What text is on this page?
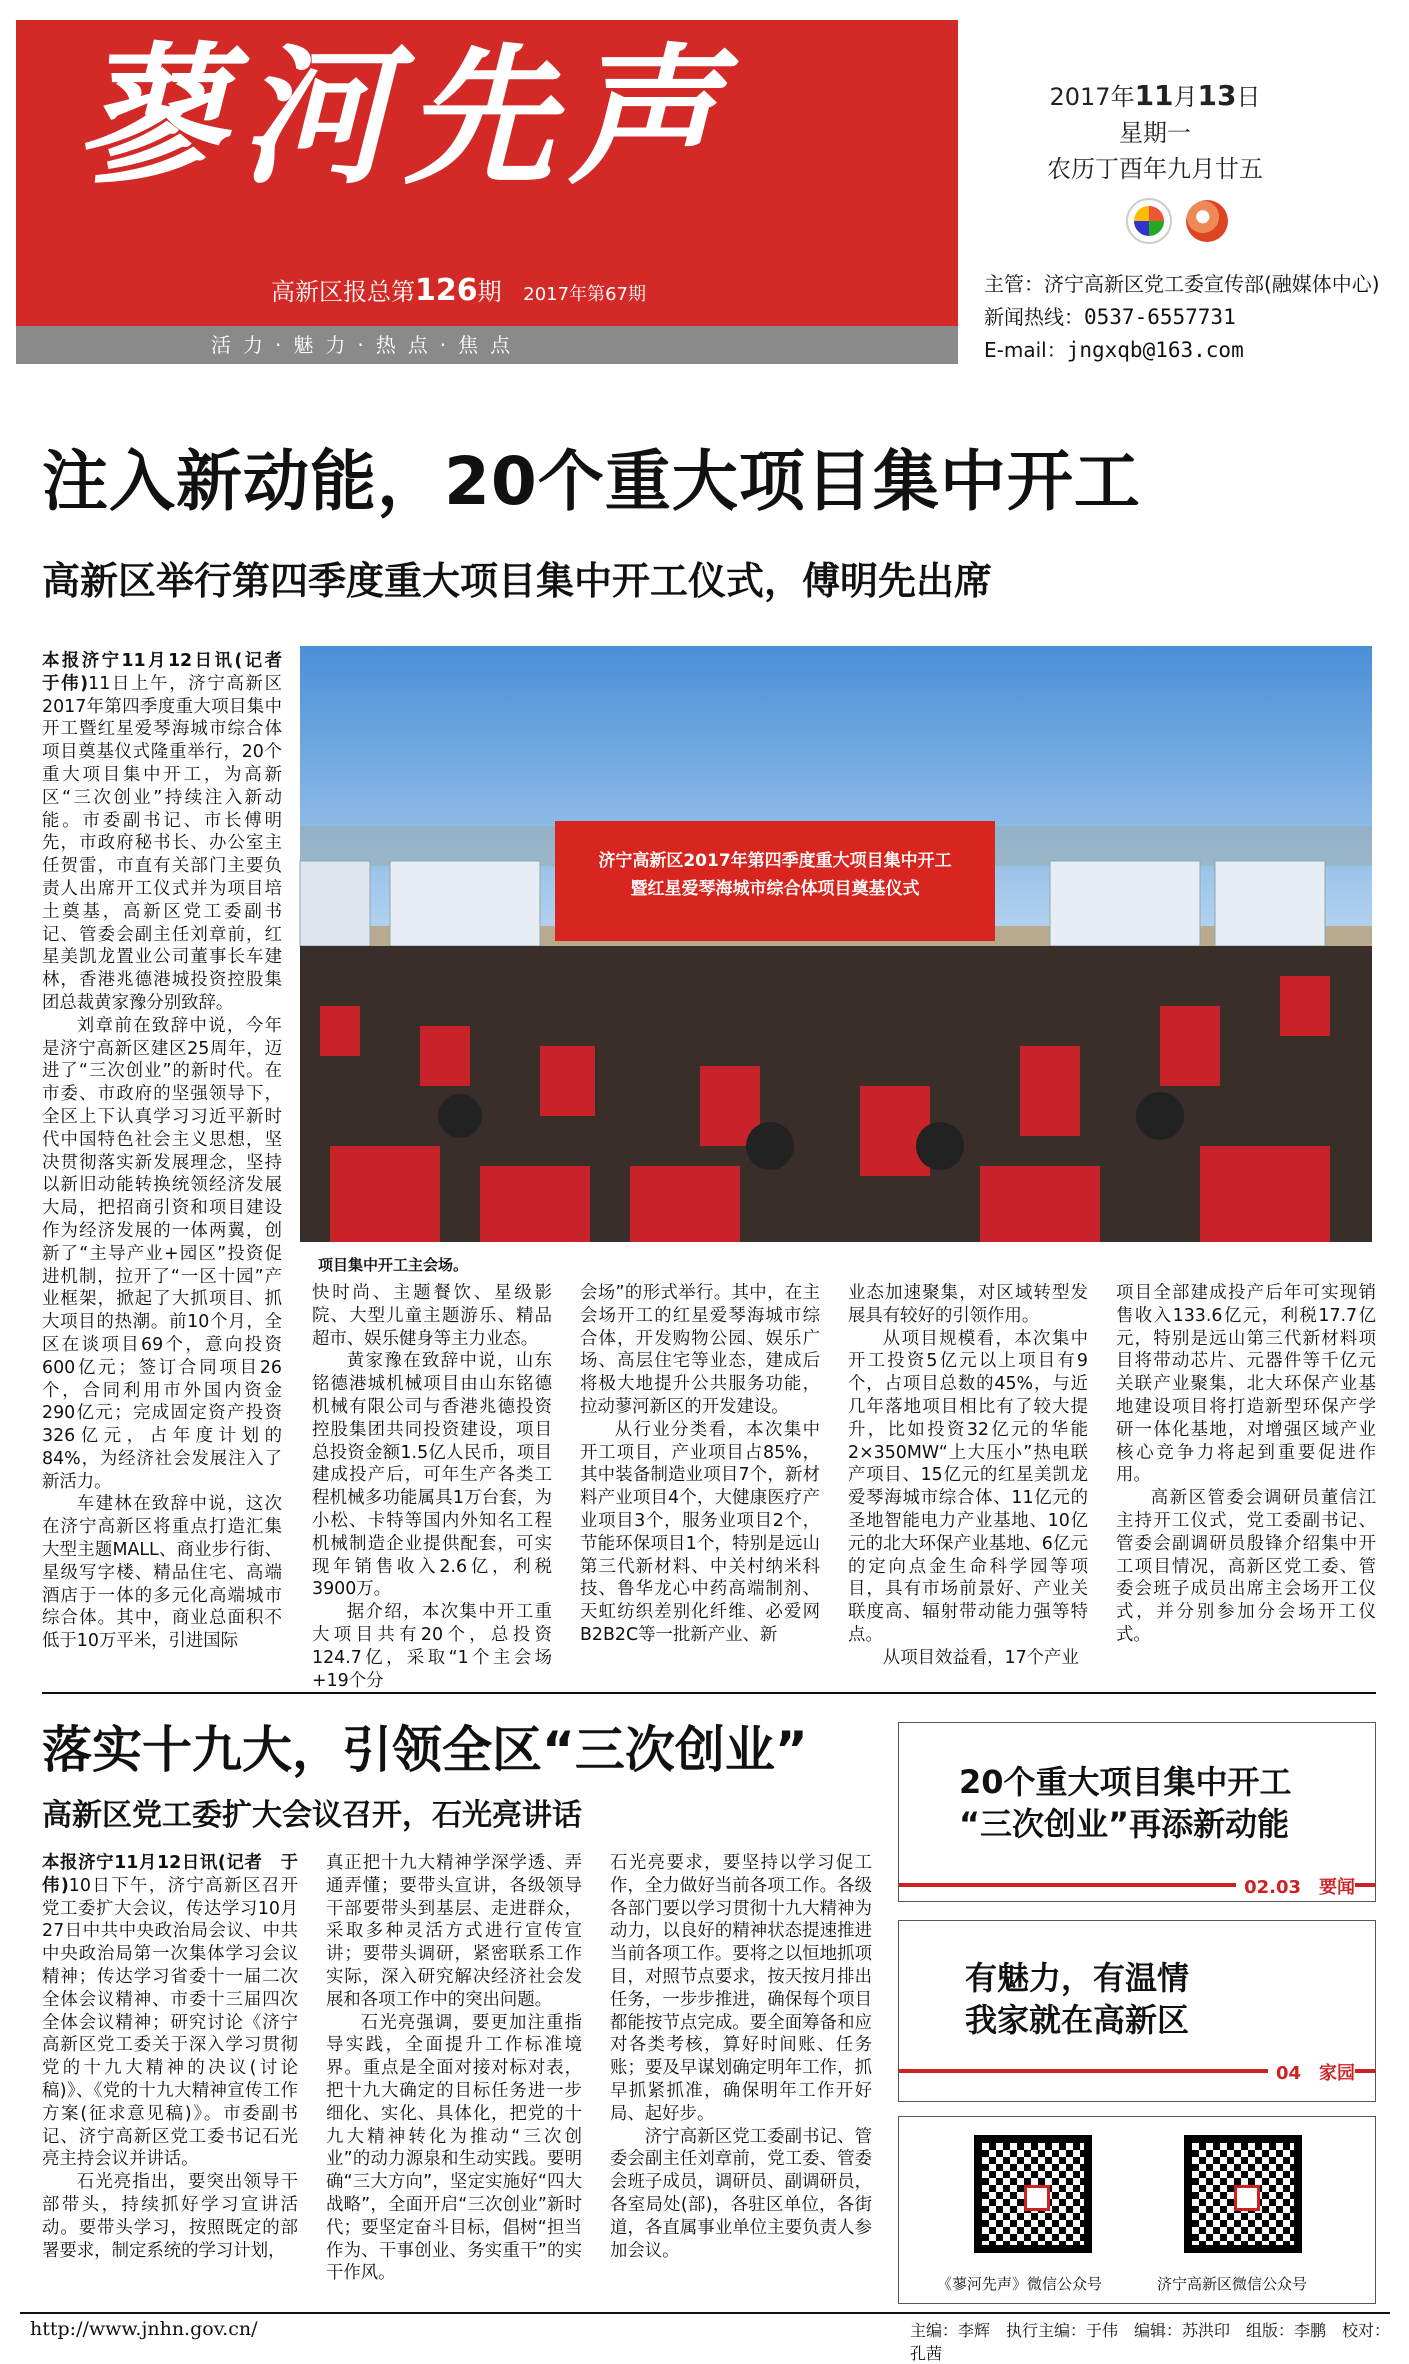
蓼河先声
高新区报总第126期 2017年第67期
活力·魅力·热点·焦点
2017年11月13日
星期一
农历丁酉年九月廿五
主管：济宁高新区党工委宣传部(融媒体中心)
新闻热线：0537-6557731
E-mail：jngxqb@163.com
注入新动能，20个重大项目集中开工
高新区举行第四季度重大项目集中开工仪式，傅明先出席

本报济宁11月12日讯(记者　于伟)11日上午，济宁高新区2017年第四季度重大项目集中开工暨红星爱琴海城市综合体项目奠基仪式隆重举行，20个重大项目集中开工，为高新区“三次创业”持续注入新动能。市委副书记、市长傅明先，市政府秘书长、办公室主任贺雷，市直有关部门主要负责人出席开工仪式并为项目培土奠基，高新区党工委副书记、管委会副主任刘章前，红星美凯龙置业公司董事长车建林，香港兆德港城投资控股集团总裁黄家豫分别致辞。

刘章前在致辞中说，今年是济宁高新区建区25周年，迈进了“三次创业”的新时代。在市委、市政府的坚强领导下，全区上下认真学习习近平新时代中国特色社会主义思想，坚决贯彻落实新发展理念，坚持以新旧动能转换统领经济发展大局，把招商引资和项目建设作为经济发展的一体两翼，创新了“主导产业+园区”投资促进机制，拉开了“一区十园”产业框架，掀起了大抓项目、抓大项目的热潮。前10个月，全区在谈项目69个，意向投资600亿元；签订合同项目26个，合同利用市外国内资金290亿元；完成固定资产投资326亿元，占年度计划的84%，为经济社会发展注入了新活力。

车建林在致辞中说，这次在济宁高新区将重点打造汇集大型主题MALL、商业步行街、星级写字楼、精品住宅、高端酒店于一体的多元化高端城市综合体。其中，商业总面积不低于10万平米，引进国际

济宁高新区2017年第四季度重大项目集中开工
暨红星爱琴海城市综合体项目奠基仪式
项目集中开工主会场。

快时尚、主题餐饮、星级影院、大型儿童主题游乐、精品超市、娱乐健身等主力业态。

黄家豫在致辞中说，山东铭德港城机械项目由山东铭德机械有限公司与香港兆德投资控股集团共同投资建设，项目总投资金额1.5亿人民币，项目建成投产后，可年生产各类工程机械多功能属具1万台套，为小松、卡特等国内外知名工程机械制造企业提供配套，可实现年销售收入2.6亿，利税3900万。

据介绍，本次集中开工重大项目共有20个，总投资124.7亿，采取“1个主会场+19个分

会场”的形式举行。其中，在主会场开工的红星爱琴海城市综合体，开发购物公园、娱乐广场、高层住宅等业态，建成后将极大地提升公共服务功能，拉动蓼河新区的开发建设。

从行业分类看，本次集中开工项目，产业项目占85%，其中装备制造业项目7个，新材料产业项目4个，大健康医疗产业项目3个，服务业项目2个，节能环保项目1个，特别是远山第三代新材料、中关村纳米科技、鲁华龙心中药高端制剂、天虹纺织差别化纤维、必爱网B2B2C等一批新产业、新

业态加速聚集，对区域转型发展具有较好的引领作用。

从项目规模看，本次集中开工投资5亿元以上项目有9个，占项目总数的45%，与近几年落地项目相比有了较大提升，比如投资32亿元的华能2×350MW“上大压小”热电联产项目、15亿元的红星美凯龙爱琴海城市综合体、11亿元的圣地智能电力产业基地、10亿元的北大环保产业基地、6亿元的定向点金生命科学园等项目，具有市场前景好、产业关联度高、辐射带动能力强等特点。

从项目效益看，17个产业

项目全部建成投产后年可实现销售收入133.6亿元，利税17.7亿元，特别是远山第三代新材料项目将带动芯片、元器件等千亿元关联产业聚集，北大环保产业基地建设项目将打造新型环保产学研一体化基地，对增强区域产业核心竞争力将起到重要促进作用。

高新区管委会调研员董信江主持开工仪式，党工委副书记、管委会副调研员殷锋介绍集中开工项目情况，高新区党工委、管委会班子成员出席主会场开工仪式，并分别参加分会场开工仪式。

落实十九大，引领全区“三次创业”
高新区党工委扩大会议召开，石光亮讲话

本报济宁11月12日讯(记者　于伟)10日下午，济宁高新区召开党工委扩大会议，传达学习10月27日中共中央政治局会议、中共中央政治局第一次集体学习会议精神；传达学习省委十一届二次全体会议精神、市委十三届四次全体会议精神；研究讨论《济宁高新区党工委关于深入学习贯彻党的十九大精神的决议(讨论稿)》、《党的十九大精神宣传工作方案(征求意见稿)》。市委副书记、济宁高新区党工委书记石光亮主持会议并讲话。

石光亮指出，要突出领导干部带头，持续抓好学习宣讲活动。要带头学习，按照既定的部署要求，制定系统的学习计划，

真正把十九大精神学深学透、弄通弄懂；要带头宣讲，各级领导干部要带头到基层、走进群众，采取多种灵活方式进行宣传宣讲；要带头调研，紧密联系工作实际，深入研究解决经济社会发展和各项工作中的突出问题。

石光亮强调，要更加注重指导实践，全面提升工作标准境界。重点是全面对接对标对表，把十九大确定的目标任务进一步细化、实化、具体化，把党的十九大精神转化为推动“三次创业”的动力源泉和生动实践。要明确“三大方向”，坚定实施好“四大战略”，全面开启“三次创业”新时代；要坚定奋斗目标，倡树“担当作为、干事创业、务实重干”的实干作风。

石光亮要求，要坚持以学习促工作，全力做好当前各项工作。各级各部门要以学习贯彻十九大精神为动力，以良好的精神状态提速推进当前各项工作。要将之以恒地抓项目，对照节点要求，按天按月排出任务，一步步推进，确保每个项目都能按节点完成。要全面筹备和应对各类考核，算好时间账、任务账；要及早谋划确定明年工作，抓早抓紧抓准，确保明年工作开好局、起好步。

济宁高新区党工委副书记、管委会副主任刘章前，党工委、管委会班子成员，调研员、副调研员，各室局处(部)，各驻区单位，各街道，各直属事业单位主要负责人参加会议。

20个重大项目集中开工
“三次创业”再添新动能
02.03　要闻
有魅力，有温情
我家就在高新区
04　家园
《蓼河先声》微信公众号	济宁高新区微信公众号
http://www.jnhn.gov.cn/	主编：李辉　执行主编：于伟　编辑：苏洪印　组版：李鹏　校对：孔茜
